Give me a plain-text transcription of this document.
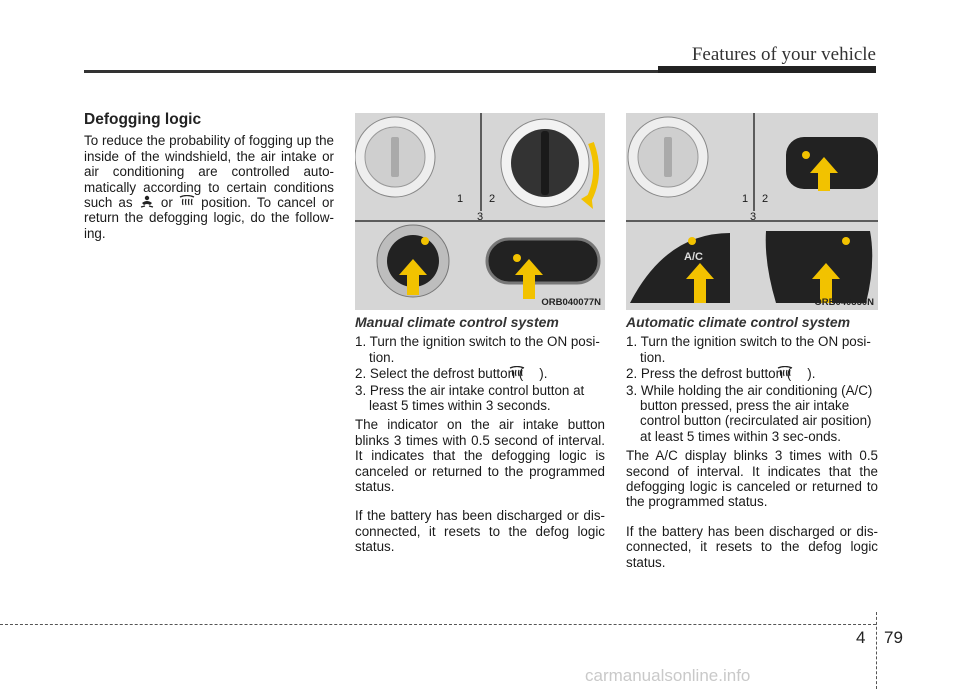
Features of your vehicle
Defogging logic

To reduce the probability of fogging up the inside of the windshield, the air intake or air conditioning are controlled auto-matically according to certain conditions such as or position. To cancel or return the defogging logic, do the follow-ing.

1 2
3
ORB040077N
A/C
1 2
3
ORB040350N
Manual climate control system
1. Turn the ignition switch to the ON posi-tion.
2. Select the defrost button ( ).
3. Press the air intake control button at least 5 times within 3 seconds.

The indicator on the air intake button blinks 3 times with 0.5 second of interval. It indicates that the defogging logic is canceled or returned to the programmed status.

If the battery has been discharged or dis-connected, it resets to the defog logic status.

Automatic climate control system
1. Turn the ignition switch to the ON posi-tion.
2. Press the defrost button ( ).
3. While holding the air conditioning (A/C) button pressed, press the air intake control button (recirculated air position) at least 5 times within 3 sec-onds.

The A/C display blinks 3 times with 0.5 second of interval. It indicates that the defogging logic is canceled or returned to the programmed status.

If the battery has been discharged or dis-connected, it resets to the defog logic status.

4 79
carmanualsonline.info
